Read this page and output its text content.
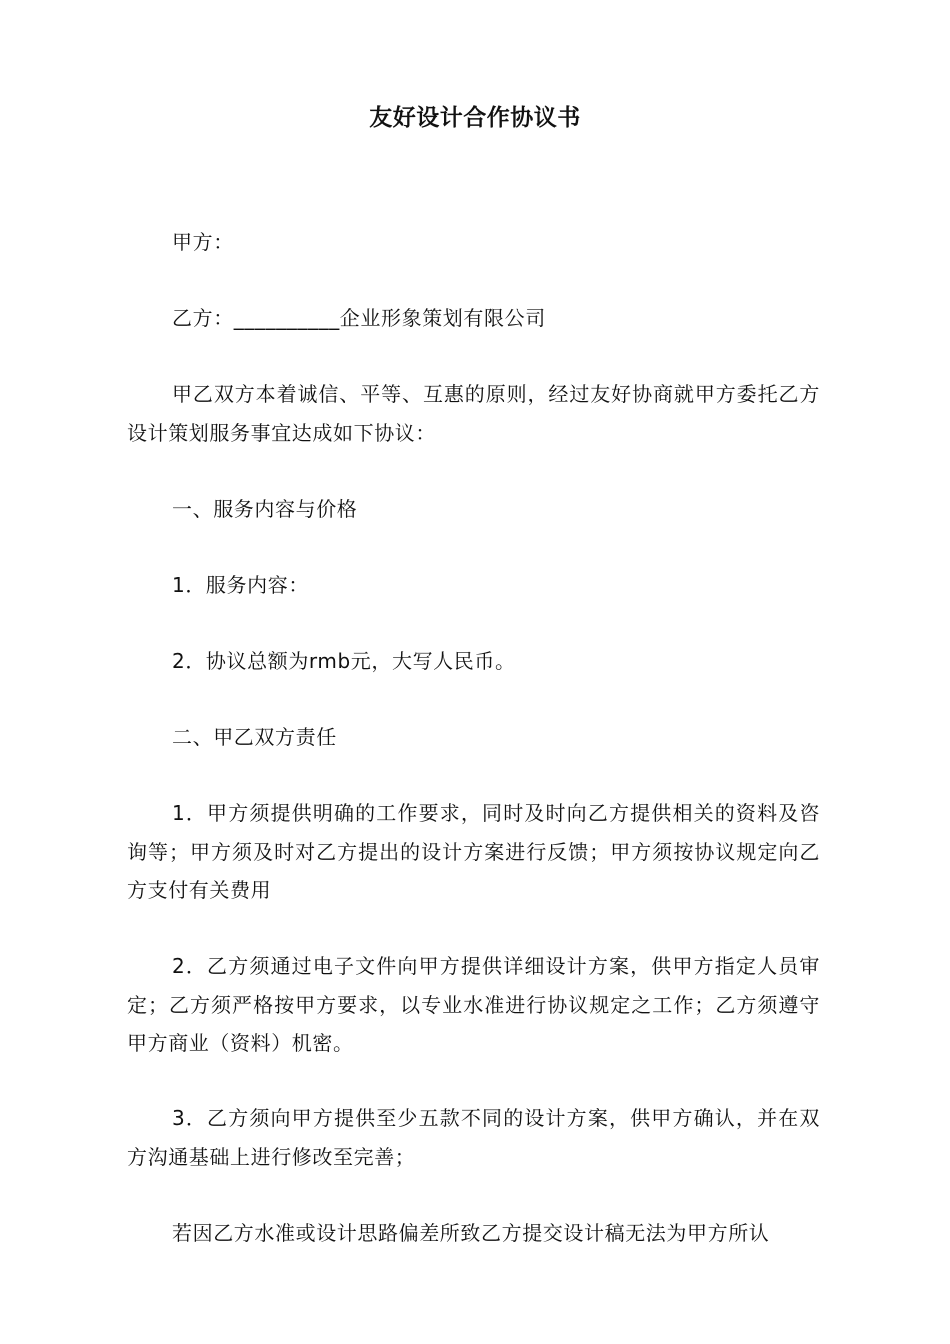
友好设计合作协议书
甲方：
乙方：__________企业形象策划有限公司
甲乙双方本着诚信、平等、互惠的原则，经过友好协商就甲方委托乙方设计策划服务事宜达成如下协议：
一、服务内容与价格
1．服务内容：
2．协议总额为rmb元，大写人民币。
二、甲乙双方责任
1．甲方须提供明确的工作要求，同时及时向乙方提供相关的资料及咨询等；甲方须及时对乙方提出的设计方案进行反馈；甲方须按协议规定向乙方支付有关费用
2．乙方须通过电子文件向甲方提供详细设计方案，供甲方指定人员审定；乙方须严格按甲方要求，以专业水准进行协议规定之工作；乙方须遵守甲方商业（资料）机密。
3．乙方须向甲方提供至少五款不同的设计方案，供甲方确认，并在双方沟通基础上进行修改至完善；
若因乙方水准或设计思路偏差所致乙方提交设计稿无法为甲方所认
